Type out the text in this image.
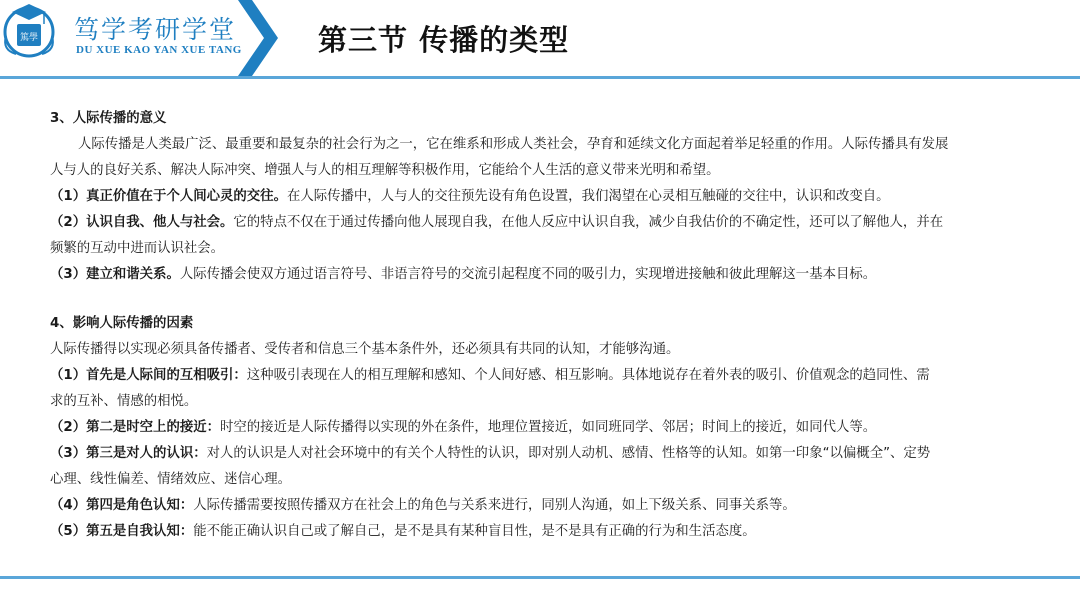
篤學 笃学考研学堂
DU XUE KAO YAN XUE TANG	第三节 传播的类型
3、人际传播的意义
人际传播是人类最广泛、最重要和最复杂的社会行为之一，它在维系和形成人类社会，孕育和延续文化方面起着举足轻重的作用。人际传播具有发展
人与人的良好关系、解决人际冲突、增强人与人的相互理解等积极作用，它能给个人生活的意义带来光明和希望。
（1）真正价值在于个人间心灵的交往。在人际传播中，人与人的交往预先设有角色设置，我们渴望在心灵相互触碰的交往中，认识和改变自。
（2）认识自我、他人与社会。它的特点不仅在于通过传播向他人展现自我，在他人反应中认识自我，减少自我估价的不确定性，还可以了解他人，并在
频繁的互动中进而认识社会。
（3）建立和谐关系。人际传播会使双方通过语言符号、非语言符号的交流引起程度不同的吸引力，实现增进接触和彼此理解这一基本目标。
4、影响人际传播的因素
人际传播得以实现必须具备传播者、受传者和信息三个基本条件外，还必须具有共同的认知，才能够沟通。
（1）首先是人际间的互相吸引：这种吸引表现在人的相互理解和感知、个人间好感、相互影响。具体地说存在着外表的吸引、价值观念的趋同性、需
求的互补、情感的相悦。
（2）第二是时空上的接近：时空的接近是人际传播得以实现的外在条件，地理位置接近，如同班同学、邻居；时间上的接近，如同代人等。
（3）第三是对人的认识：对人的认识是人对社会环境中的有关个人特性的认识，即对别人动机、感情、性格等的认知。如第一印象“以偏概全”、定势
心理、线性偏差、情绪效应、迷信心理。
（4）第四是角色认知：人际传播需要按照传播双方在社会上的角色与关系来进行，同别人沟通，如上下级关系、同事关系等。
（5）第五是自我认知：能不能正确认识自己或了解自己，是不是具有某种盲目性，是不是具有正确的行为和生活态度。
